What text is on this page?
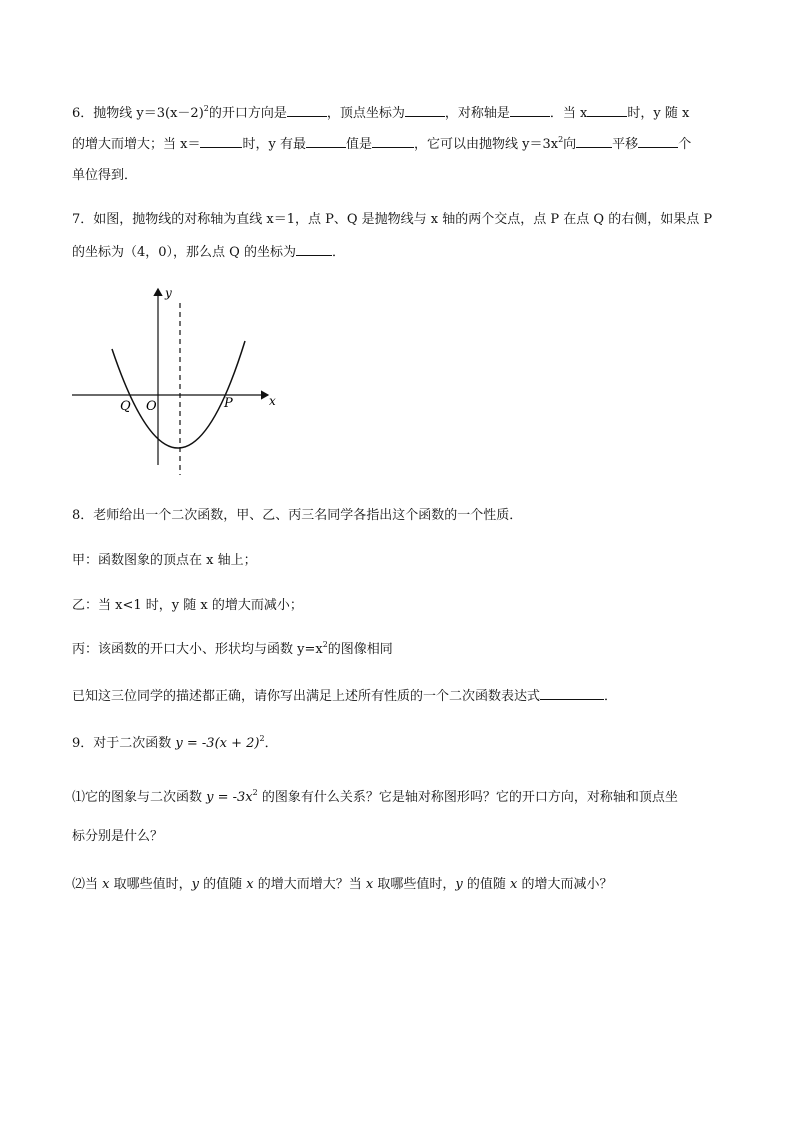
6．抛物线 $y=3(x-2)^2$的开口方向是	，顶点坐标为	，对称轴是	．当 x	时，y 随 x
的增大而增大；当 x＝	时，y 有最	值是	，它可以由抛物线 $y=3x^2$向	平移	个
单位得到．
7．如图，抛物线的对称轴为直线 x＝1，点 P、Q 是抛物线与 x 轴的两个交点，点 P 在点 Q 的右侧，如果点 P
的坐标为（4，0），那么点 Q 的坐标为	．
y
x
Q O	P
8．老师给出一个二次函数，甲、乙、丙三名同学各指出这个函数的一个性质．
甲：函数图象的顶点在 x 轴上；
乙：当 x<1 时，y 随 x 的增大而减小；
丙：该函数的开口大小、形状均与函数 $y=x^2$的图像相同
已知这三位同学的描述都正确，请你写出满足上述所有性质的一个二次函数表达式	．
9．对于二次函数 $y = -3(x + 2)^2$．
⑴它的图象与二次函数 $y = -3x^2$ 的图象有什么关系？它是轴对称图形吗？它的开口方向，对称轴和顶点坐
标分别是什么？
⑵当 x 取哪些值时，y 的值随 x 的增大而增大？当 x 取哪些值时，y 的值随 x 的增大而减小？
